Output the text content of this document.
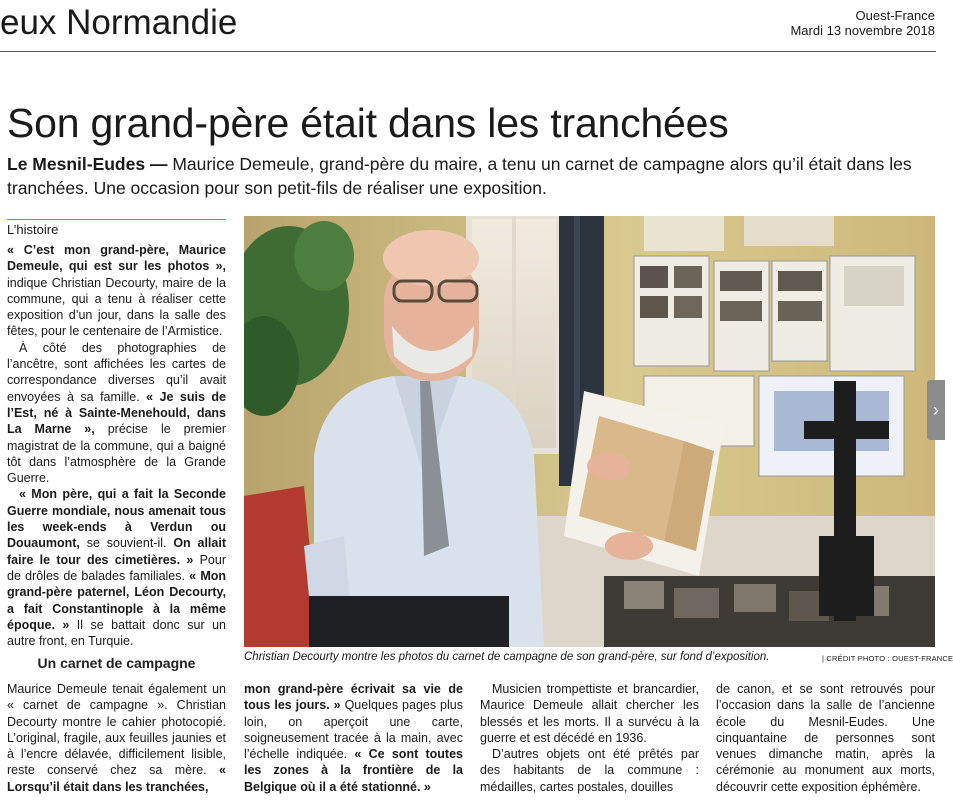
eux Normandie	Ouest-France
Mardi 13 novembre 2018
Son grand-père était dans les tranchées
Le Mesnil-Eudes — Maurice Demeule, grand-père du maire, a tenu un carnet de campagne alors qu’il était dans les tranchées. Une occasion pour son petit-fils de réaliser une exposition.
L’histoire

« C’est mon grand-père, Maurice Demeule, qui est sur les photos », indique Christian Decourty, maire de la commune, qui a tenu à réaliser cette exposition d’un jour, dans la salle des fêtes, pour le centenaire de l’Armistice.

À côté des photographies de l’ancêtre, sont affichées les cartes de correspondance diverses qu’il avait envoyées à sa famille. « Je suis de l’Est, né à Sainte-Menehould, dans La Marne », précise le premier magistrat de la commune, qui a baigné tôt dans l’atmosphère de la Grande Guerre.

« Mon père, qui a fait la Seconde Guerre mondiale, nous amenait tous les week-ends à Verdun ou Douaumont, se souvient-il. On allait faire le tour des cimetières. » Pour de drôles de balades familiales. « Mon grand-père paternel, Léon Decourty, a fait Constantinople à la même époque. » Il se battait donc sur un autre front, en Turquie.

Un carnet de campagne

Maurice Demeule tenait également un « carnet de campagne ». Christian Decourty montre le cahier photocopié. L’original, fragile, aux feuilles jaunies et à l’encre délavée, difficilement lisible, reste conservé chez sa mère. « Lorsqu’il était dans les tranchées,

mon grand-père écrivait sa vie de tous les jours. » Quelques pages plus loin, on aperçoit une carte, soigneusement tracée à la main, avec l’échelle indiquée. « Ce sont toutes les zones à la frontière de la Belgique où il a été stationné. »

Musicien trompettiste et brancardier, Maurice Demeule allait chercher les blessés et les morts. Il a survécu à la guerre et est décédé en 1936.

D’autres objets ont été prêtés par des habitants de la commune : médailles, cartes postales, douilles

de canon, et se sont retrouvés pour l’occasion dans la salle de l’ancienne école du Mesnil-Eudes. Une cinquantaine de personnes sont venues dimanche matin, après la cérémonie au monument aux morts, découvrir cette exposition éphémère.

Christian Decourty montre les photos du carnet de campagne de son grand-père, sur fond d’exposition.	| CRÉDIT PHOTO : OUEST-FRANCE
›
